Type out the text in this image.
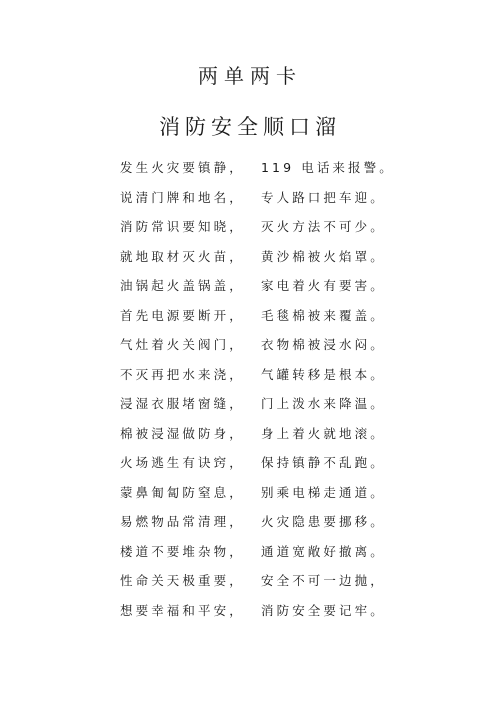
两单两卡
消防安全顺口溜
发生火灾要镇静， 119 电话来报警。
说清门牌和地名， 专人路口把车迎。
消防常识要知晓， 灭火方法不可少。
就地取材灭火苗， 黄沙棉被火焰罩。
油锅起火盖锅盖， 家电着火有要害。
首先电源要断开， 毛毯棉被来覆盖。
气灶着火关阀门， 衣物棉被浸水闷。
不灭再把水来浇， 气罐转移是根本。
浸湿衣服堵窗缝， 门上泼水来降温。
棉被浸湿做防身， 身上着火就地滚。
火场逃生有诀窍， 保持镇静不乱跑。
蒙鼻匍匐防窒息， 别乘电梯走通道。
易燃物品常清理， 火灾隐患要挪移。
楼道不要堆杂物， 通道宽敞好撤离。
性命关天极重要， 安全不可一边抛，
想要幸福和平安， 消防安全要记牢。
